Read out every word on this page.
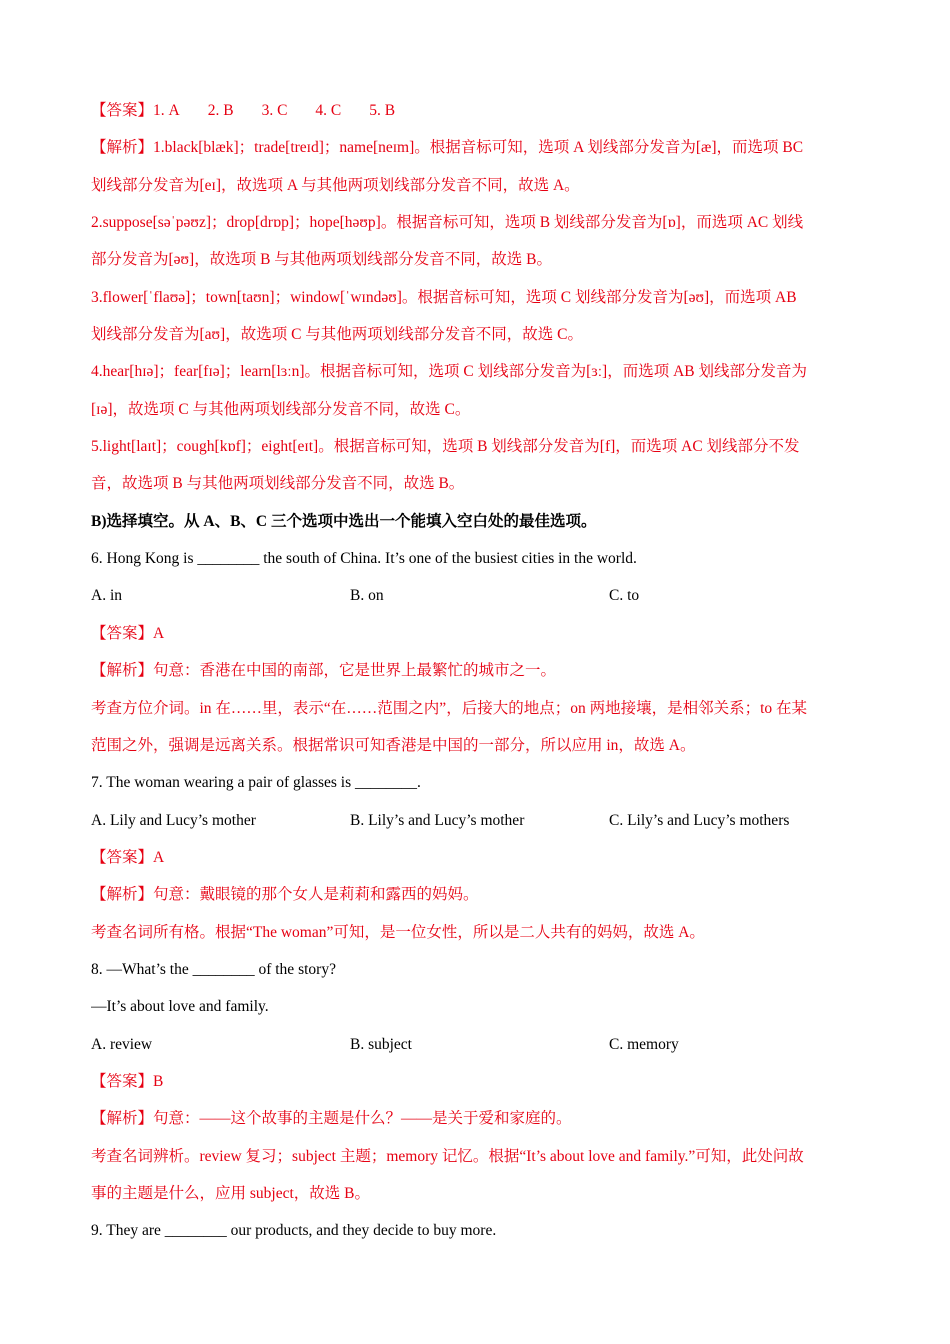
【答案】1. A 2. B 3. C 4. C 5. B
【解析】1.black[blæk]；trade[treɪd]；name[neɪm]。根据音标可知，选项 A 划线部分发音为[æ]，而选项 BC
划线部分发音为[eɪ]，故选项 A 与其他两项划线部分发音不同，故选 A。
2.suppose[səˈpəʊz]；drop[drɒp]；hope[həʊp]。根据音标可知，选项 B 划线部分发音为[ɒ]，而选项 AC 划线
部分发音为[əʊ]，故选项 B 与其他两项划线部分发音不同，故选 B。
3.flower[ˈflaʊə]；town[taʊn]；window[ˈwɪndəʊ]。根据音标可知，选项 C 划线部分发音为[əʊ]，而选项 AB
划线部分发音为[aʊ]，故选项 C 与其他两项划线部分发音不同，故选 C。
4.hear[hɪə]；fear[fɪə]；learn[lɜːn]。根据音标可知，选项 C 划线部分发音为[ɜː]，而选项 AB 划线部分发音为
[ɪə]，故选项 C 与其他两项划线部分发音不同，故选 C。
5.light[laɪt]；cough[kɒf]；eight[eɪt]。根据音标可知，选项 B 划线部分发音为[f]，而选项 AC 划线部分不发
音，故选项 B 与其他两项划线部分发音不同，故选 B。
B)选择填空。从 A、B、C 三个选项中选出一个能填入空白处的最佳选项。
6. Hong Kong is ________ the south of China. It’s one of the busiest cities in the world.
A. in	B. on	C. to
【答案】A
【解析】句意：香港在中国的南部，它是世界上最繁忙的城市之一。
考查方位介词。in 在……里，表示“在……范围之内”，后接大的地点；on 两地接壤，是相邻关系；to 在某
范围之外，强调是远离关系。根据常识可知香港是中国的一部分，所以应用 in，故选 A。
7. The woman wearing a pair of glasses is ________.
A. Lily and Lucy’s mother	B. Lily’s and Lucy’s mother	C. Lily’s and Lucy’s mothers
【答案】A
【解析】句意：戴眼镜的那个女人是莉莉和露西的妈妈。
考查名词所有格。根据“The woman”可知，是一位女性，所以是二人共有的妈妈，故选 A。
8. —What’s the ________ of the story?
—It’s about love and family.
A. review	B. subject	C. memory
【答案】B
【解析】句意：——这个故事的主题是什么？——是关于爱和家庭的。
考查名词辨析。review 复习；subject 主题；memory 记忆。根据“It’s about love and family.”可知，此处问故
事的主题是什么，应用 subject，故选 B。
9. They are ________ our products, and they decide to buy more.
